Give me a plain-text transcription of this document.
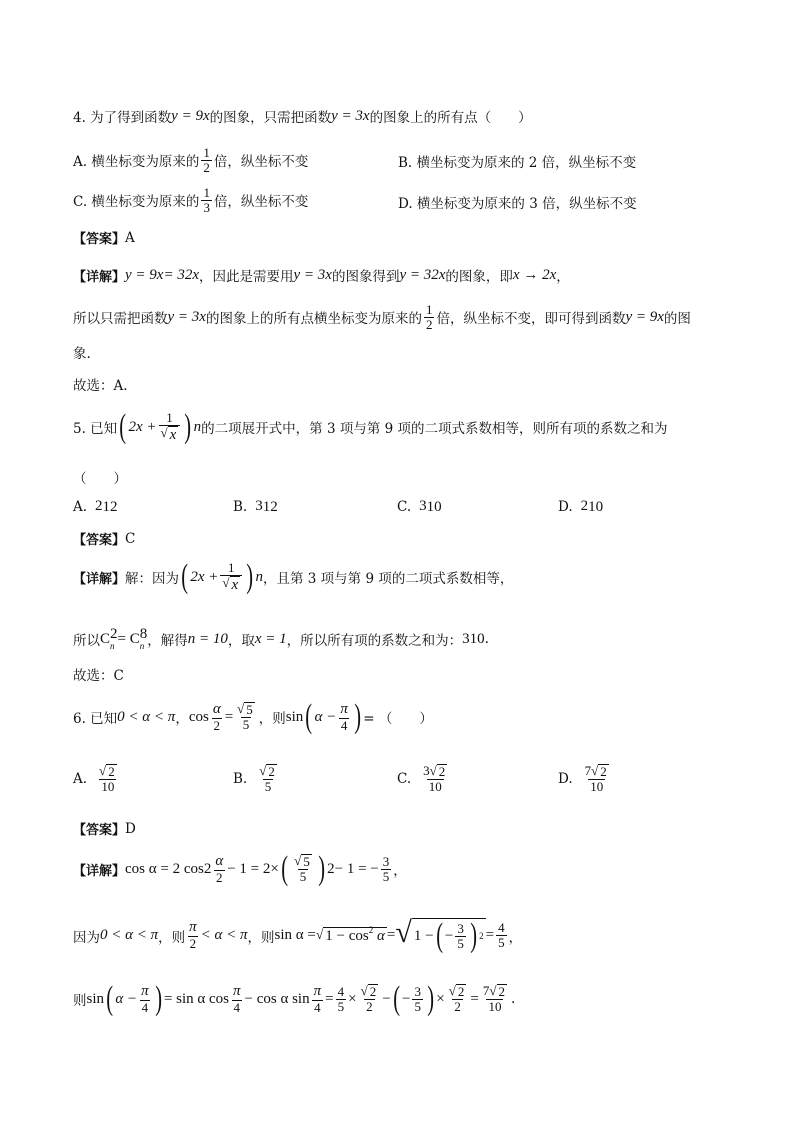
4. 为了得到函数 y = 9 x 的图象，只需把函数 y = 3 x 的图象上的所有点（　　）
A. 横坐标变为原来的 $\frac{1}{2}$ 倍，纵坐标不变	B. 横坐标变为原来的 2 倍，纵坐标不变
C. 横坐标变为原来的 $\frac{1}{3}$ 倍，纵坐标不变	D. 横坐标变为原来的 3 倍，纵坐标不变
【答案】 A
【详解】 y = 9 x = 3 2x ，因此是需要用 y = 3 x 的图象得到 y = 3 2x 的图象，即 x → 2x ，
所以只需把函数 y = 3 x 的图象上的所有点横坐标变为原来的 $\frac{1}{2}$ 倍，纵坐标不变，即可得到函数 y = 9 x 的图
象.
故选：A.
5. 已知 ( $2x + \frac{1}{√ x}$ ) n 的二项展开式中，第 3 项与第 9 项的二项式系数相等，则所有项的系数之和为
（　　）
A. 2 12	B. 3 12	C. 3 10	D. 2 10
【答案】 C
【详解】 解：因为 ( $2x + \frac{1}{√ x}$ ) n ，且第 3 项与第 9 项的二项式系数相等，
所以 C 2
n = C 8
n ，解得 n = 10 ，取 x = 1 ，所以所有项的系数之和为： 3 10 .
故选：C
6. 已知 0 < α < π ， $\cos \frac{\alpha}{2} = \frac{√ 5}{5}$ ，则 sin ( $\alpha - \frac{\pi}{4}$ ) = （　　）
A. $\frac{√ 2}{10}$	B. $\frac{√ 2}{5}$	C. $\frac{3 √ 2}{10}$	D. $\frac{7 √ 2}{10}$
【答案】 D
【详解】 cos α = 2 $\cos 2 \frac{\alpha}{2} - 1 = 2\times$ ( $\frac{√ 5}{5}$ ) 2 − 1 = − $\frac{3}{5}$ ，
因为 0 < α < π ，则 $\frac{\pi}{2} < \alpha < \pi$ ，则 sin α = √ $1 - \cos^2 \alpha$ = √ 1 − ( − $\frac{3}{5}$ ) $2 = \frac{4}{5}$ ，
则 sin ( $\alpha - \frac{\pi}{4}$ ) = sin α $\cos \frac{\pi}{4} - \cos \alpha$ $\sin \frac{\pi}{4} = \frac{4}{5} \times \frac{√ 2}{2}$ − ( − $\frac{3}{5}$ ) × $\frac{√ 2}{2} = \frac{7 √ 2}{10}$ .
